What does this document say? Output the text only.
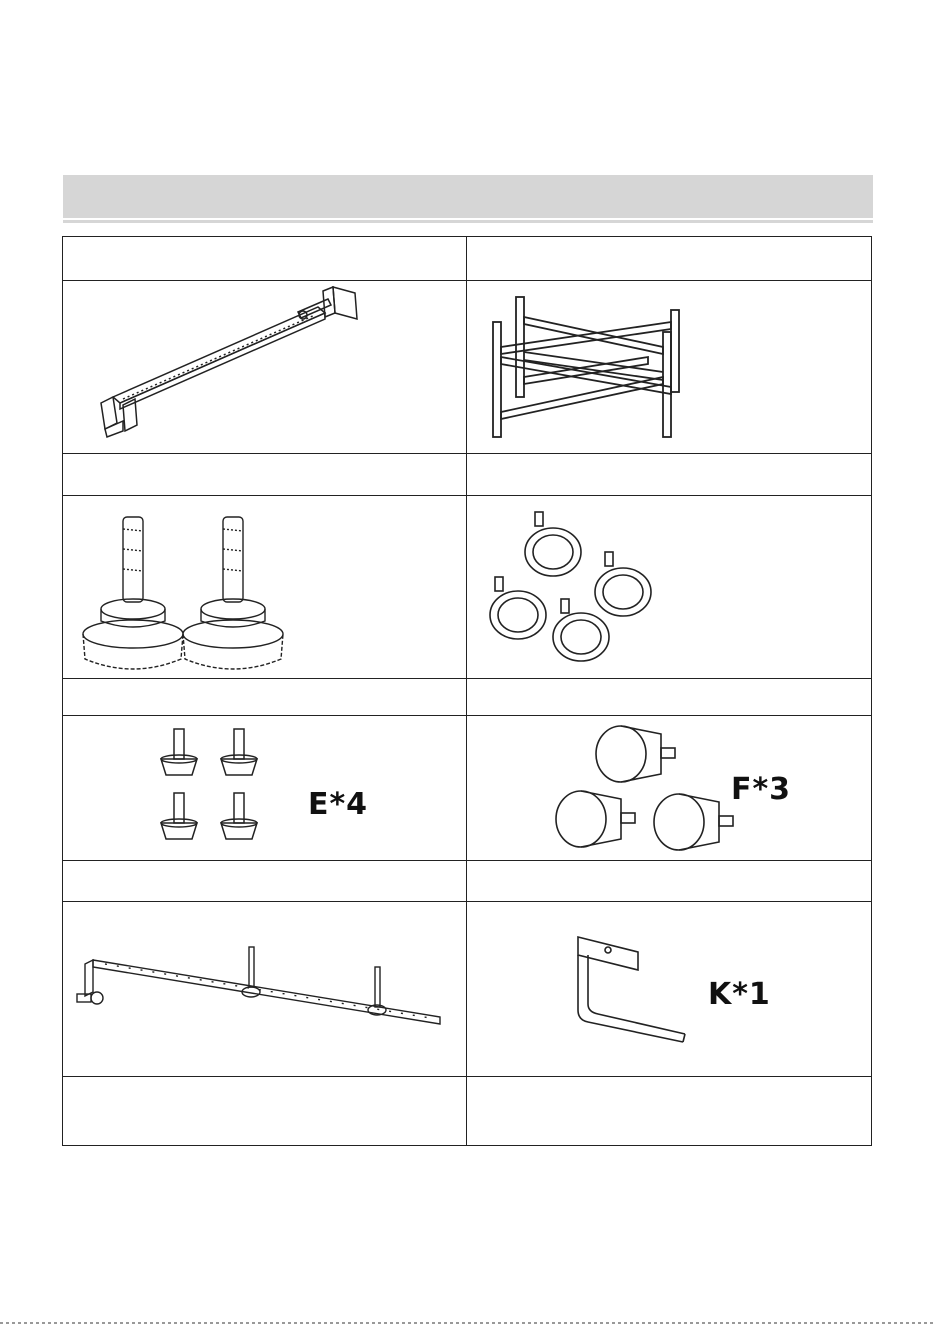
E*4	F*3
K*1
